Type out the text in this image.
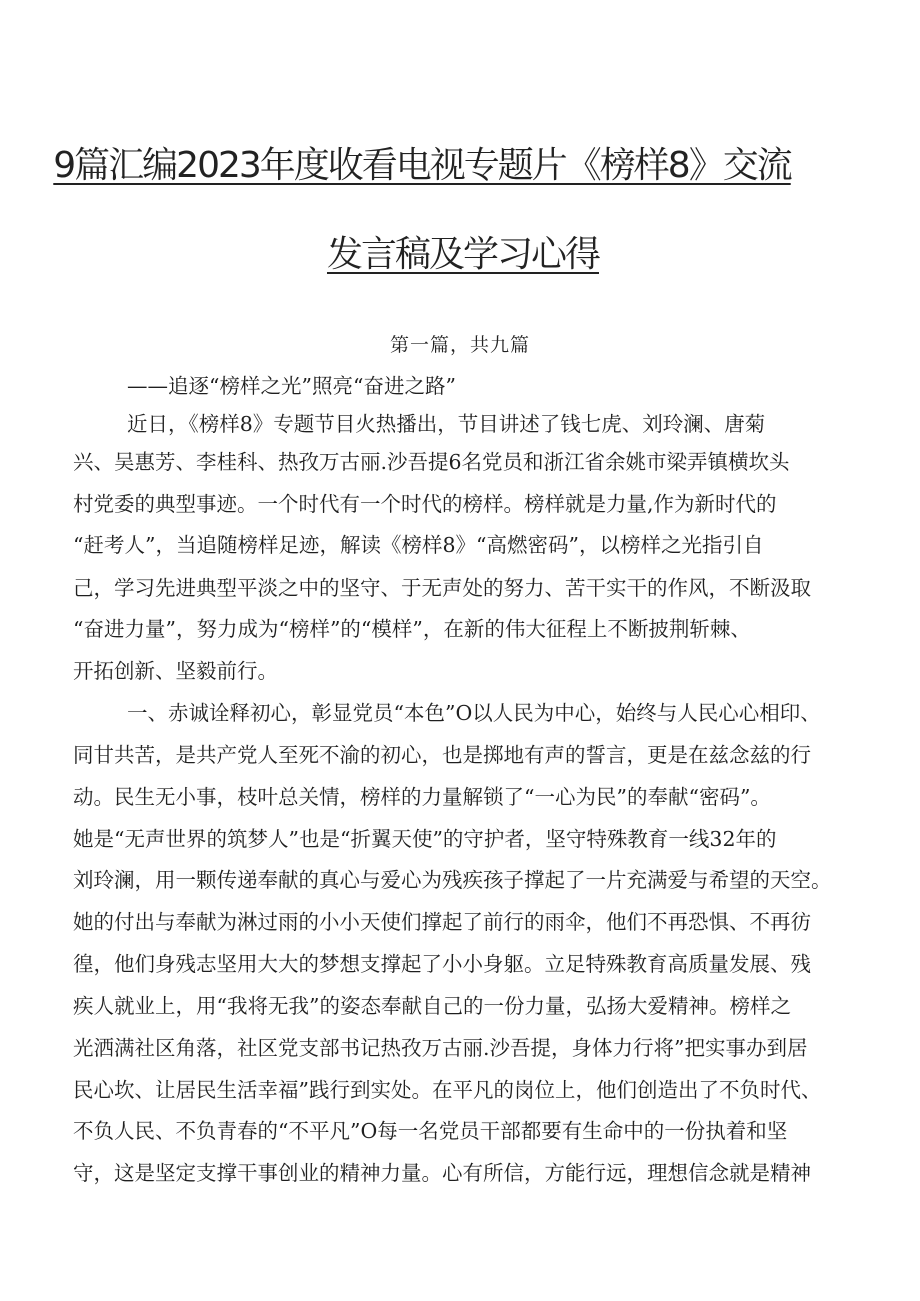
9篇汇编2023年度收看电视专题片《榜样8》交流
发言稿及学习心得
第一篇，共九篇
——追逐“榜样之光”照亮“奋进之路”
近日，《榜样8》专题节目火热播出，节目讲述了钱七虎、刘玲澜、唐菊
兴、吴惠芳、李桂科、热孜万古丽.沙吾提6名党员和浙江省余姚市梁弄镇横坎头
村党委的典型事迹。一个时代有一个时代的榜样。榜样就是力量,作为新时代的
“赶考人”，当追随榜样足迹，解读《榜样8》“高燃密码”，以榜样之光指引自
己，学习先进典型平淡之中的坚守、于无声处的努力、苦干实干的作风，不断汲取
“奋进力量”，努力成为“榜样”的“模样”，在新的伟大征程上不断披荆斩棘、
开拓创新、坚毅前行。
一、赤诚诠释初心，彰显党员“本色”O以人民为中心，始终与人民心心相印、
同甘共苦，是共产党人至死不渝的初心，也是掷地有声的誓言，更是在兹念兹的行
动。民生无小事，枝叶总关情，榜样的力量解锁了“一心为民”的奉献“密码”。
她是“无声世界的筑梦人”也是“折翼天使”的守护者，坚守特殊教育一线32年的
刘玲澜，用一颗传递奉献的真心与爱心为残疾孩子撑起了一片充满爱与希望的天空。
她的付出与奉献为淋过雨的小小天使们撑起了前行的雨伞，他们不再恐惧、不再彷
徨，他们身残志坚用大大的梦想支撑起了小小身躯。立足特殊教育高质量发展、残
疾人就业上，用“我将无我”的姿态奉献自己的一份力量，弘扬大爱精神。榜样之
光洒满社区角落，社区党支部书记热孜万古丽.沙吾提，身体力行将”把实事办到居
民心坎、让居民生活幸福”践行到实处。在平凡的岗位上，他们创造出了不负时代、
不负人民、不负青春的“不平凡”O每一名党员干部都要有生命中的一份执着和坚
守，这是坚定支撑干事创业的精神力量。心有所信，方能行远，理想信念就是精神
